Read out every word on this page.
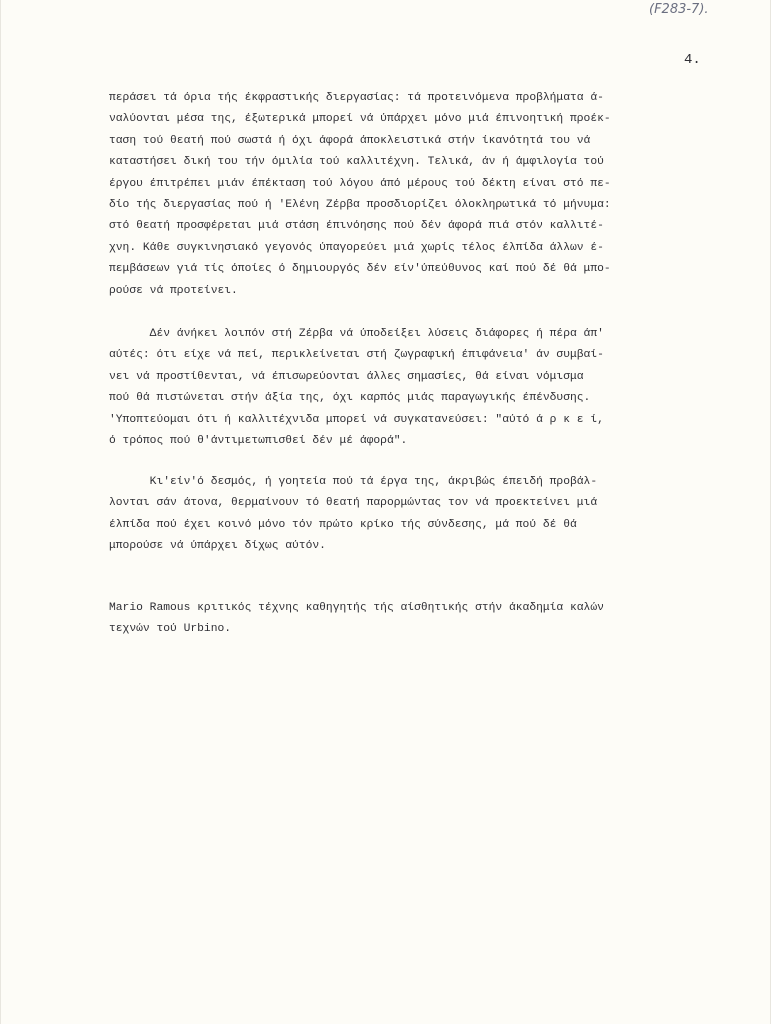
(F283-7).
4.
περάσει τά όρια τής έκφραστικής διεργασίας: τά προτεινόμενα προβλήματα ά-
ναλύονται μέσα της, έξωτερικά μπορεί νά ύπάρχει μόνο μιά έπινοητική προέκ-
ταση τού θεατή πού σωστά ή όχι άφορά άποκλειστικά στήν ίκανότητά του νά
καταστήσει δική του τήν όμιλία τού καλλιτέχνη. Τελικά, άν ή άμφιλογία τού
έργου έπιτρέπει μιάν έπέκταση τού λόγου άπό μέρους τού δέκτη είναι στό πε-
δίο τής διεργασίας πού ή 'Ελένη Ζέρβα προσδιορίζει όλοκληρωτικά τό μήνυμα:
στό θεατή προσφέρεται μιά στάση έπινόησης πού δέν άφορά πιά στόν καλλιτέ-
χνη. Κάθε συγκινησιακό γεγονός ύπαγορεύει μιά χωρίς τέλος έλπίδα άλλων έ-
πεμβάσεων γιά τίς όποίες ό δημιουργός δέν είν'ύπεύθυνος καί πού δέ θά μπο-
ρούσε νά προτείνει.
Δέν άνήκει λοιπόν στή Ζέρβα νά ύποδείξει λύσεις διάφορες ή πέρα άπ'
αύτές: ότι είχε νά πεί, περικλείνεται στή ζωγραφική έπιφάνεια' άν συμβαί-
νει νά προστίθενται, νά έπισωρεύονται άλλες σημασίες, θά είναι νόμισμα
πού θά πιστώνεται στήν άξία της, όχι καρπός μιάς παραγωγικής έπένδυσης.
'Υποπτεύομαι ότι ή καλλιτέχνιδα μπορεί νά συγκατανεύσει: "αύτό ά ρ κ ε ί,
ό τρόπος πού θ'άντιμετωπισθεί δέν μέ άφορά".
Κι'είν'ό δεσμός, ή γοητεία πού τά έργα της, άκριβώς έπειδή προβάλ-
λονται σάν άτονα, θερμαίνουν τό θεατή παρορμώντας τον νά προεκτείνει μιά
έλπίδα πού έχει κοινό μόνο τόν πρώτο κρίκο τής σύνδεσης, μά πού δέ θά
μπορούσε νά ύπάρχει δίχως αύτόν.
Mario Ramous κριτικός τέχνης καθηγητής τής αίσθητικής στήν άκαδημία καλών
τεχνών τού Urbino.
